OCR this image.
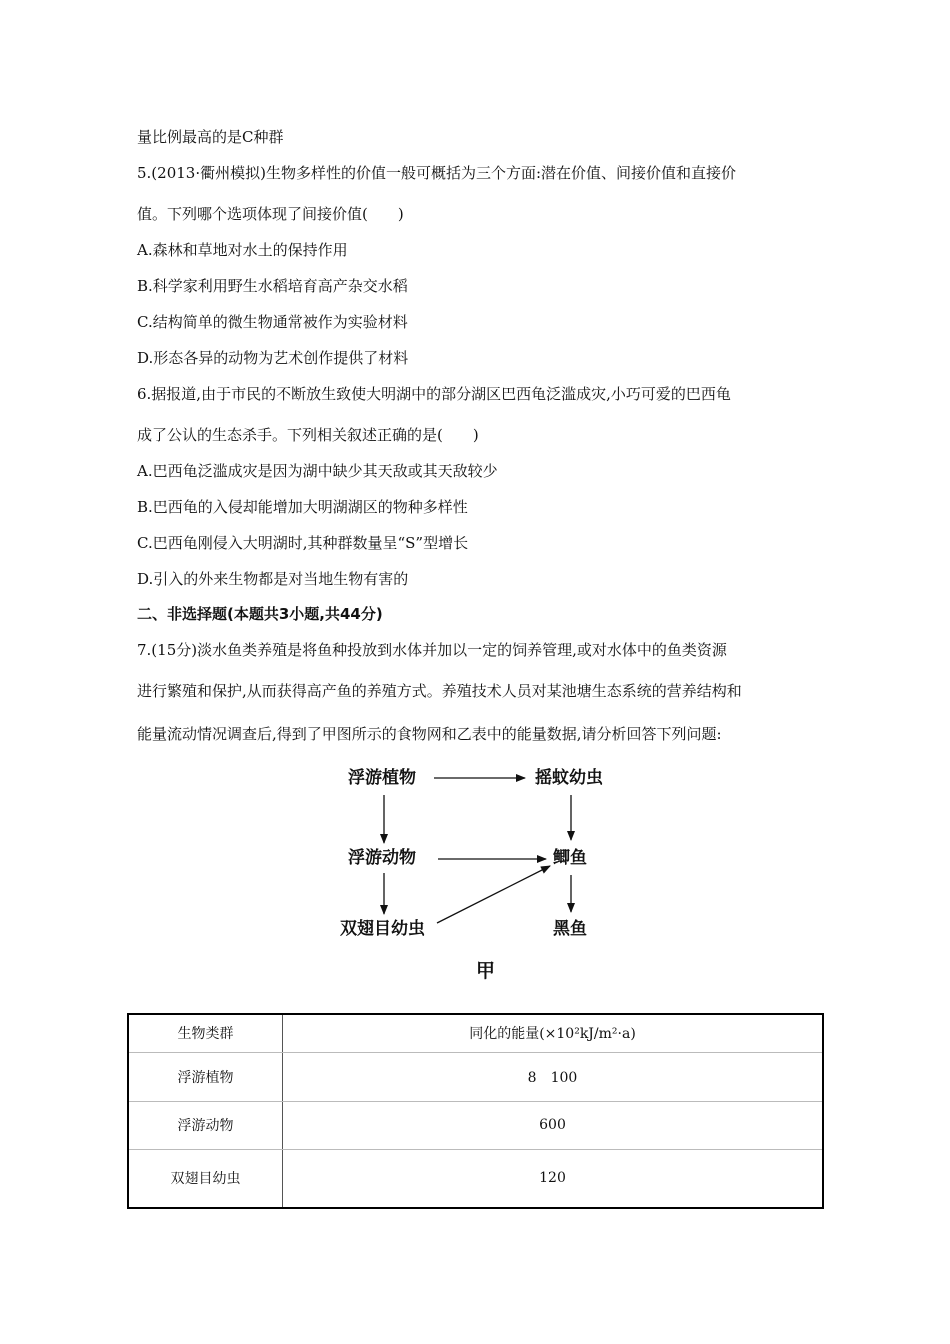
量比例最高的是C种群
5.(2013·衢州模拟)生物多样性的价值一般可概括为三个方面:潜在价值、间接价值和直接价
值。下列哪个选项体现了间接价值(　　)
A.森林和草地对水土的保持作用
B.科学家利用野生水稻培育高产杂交水稻
C.结构简单的微生物通常被作为实验材料
D.形态各异的动物为艺术创作提供了材料
6.据报道,由于市民的不断放生致使大明湖中的部分湖区巴西龟泛滥成灾,小巧可爱的巴西龟
成了公认的生态杀手。下列相关叙述正确的是(　　)
A.巴西龟泛滥成灾是因为湖中缺少其天敌或其天敌较少
B.巴西龟的入侵却能增加大明湖湖区的物种多样性
C.巴西龟刚侵入大明湖时,其种群数量呈“S”型增长
D.引入的外来生物都是对当地生物有害的
二、非选择题(本题共3小题,共44分)
7.(15分)淡水鱼类养殖是将鱼种投放到水体并加以一定的饲养管理,或对水体中的鱼类资源
进行繁殖和保护,从而获得高产鱼的养殖方式。养殖技术人员对某池塘生态系统的营养结构和
能量流动情况调查后,得到了甲图所示的食物网和乙表中的能量数据,请分析回答下列问题:
浮游植物	摇蚊幼虫
浮游动物	鲫鱼
双翅目幼虫	黑鱼
甲
生物类群	同化的能量(×10²kJ/m²·a)
浮游植物	8　100
浮游动物	600
双翅目幼虫	120
